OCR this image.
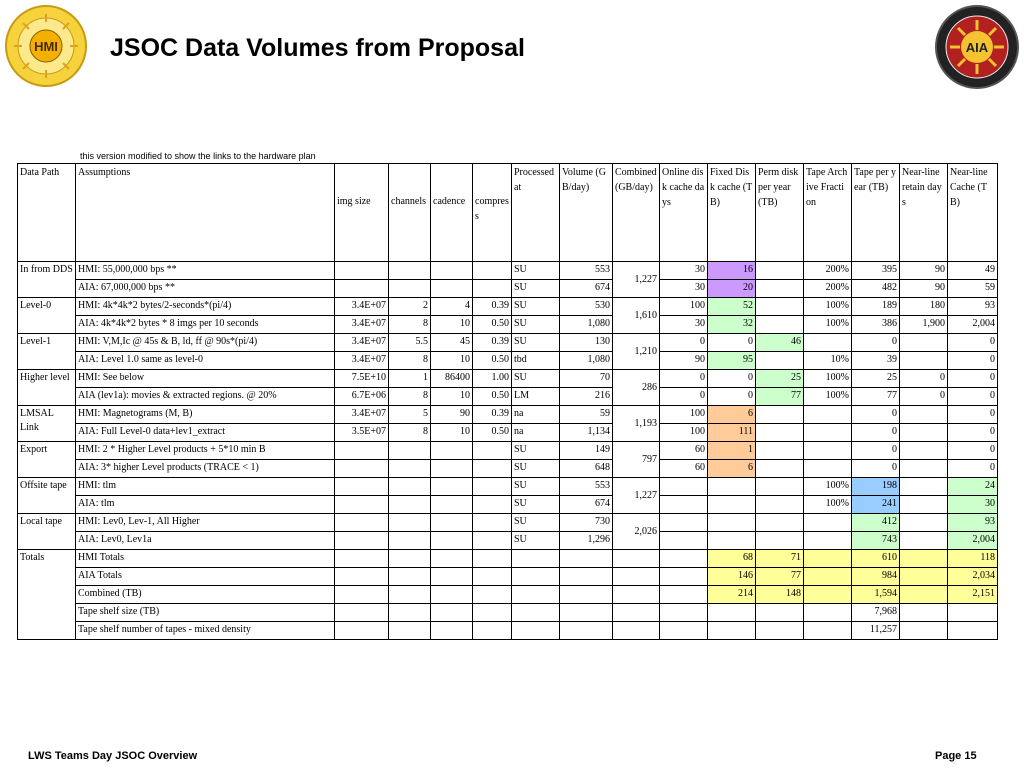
HMI	AIA
JSOC Data Volumes from Proposal
this version modified to show the links to the hardware plan
Data Path	Assumptions	img size	channels	cadence	compress	Processed at	Volume (GB/day)	Combined (GB/day)	Online disk cache days	Fixed Disk cache (TB)	Perm disk per year (TB)	Tape Archive Fraction	Tape per year (TB)	Near-line retain days	Near-line Cache (TB)
In from DDS	HMI: 55,000,000 bps **					SU	553	1,227	30	16		200%	395	90	49
	AIA: 67,000,000 bps **					SU	674		30	20		200%	482	90	59
Level-0	HMI: 4k*4k*2 bytes/2-seconds*(pi/4)	3.4E+07	2	4	0.39	SU	530	1,610	100	52		100%	189	180	93
	AIA: 4k*4k*2 bytes * 8 imgs per 10 seconds	3.4E+07	8	10	0.50	SU	1,080		30	32		100%	386	1,900	2,004
Level-1	HMI: V,M,Ic @ 45s & B, ld, ff @ 90s*(pi/4)	3.4E+07	5.5	45	0.39	SU	130	1,210	0	0	46		0		0
	AIA: Level 1.0 same as level-0	3.4E+07	8	10	0.50	tbd	1,080		90	95		10%	39		0
Higher level	HMI: See below	7.5E+10	1	86400	1.00	SU	70	286	0	0	25	100%	25	0	0
	AIA (lev1a): movies & extracted regions. @ 20%	6.7E+06	8	10	0.50	LM	216		0	0	77	100%	77	0	0
LMSAL Link	HMI: Magnetograms (M, B)	3.4E+07	5	90	0.39	na	59	1,193	100	6			0		0
	AIA: Full Level-0 data+lev1_extract	3.5E+07	8	10	0.50	na	1,134		100	111			0		0
Export	HMI: 2 * Higher Level products + 5*10 min B					SU	149	797	60	1			0		0
	AIA: 3* higher Level products (TRACE < 1)					SU	648		60	6			0		0
Offsite tape	HMI: tlm					SU	553	1,227				100%	198		24
	AIA: tlm					SU	674					100%	241		30
Local tape	HMI: Lev0, Lev-1, All Higher					SU	730	2,026					412		93
	AIA: Lev0, Lev1a					SU	1,296						743		2,004
Totals	HMI Totals									68	71		610		118
	AIA Totals									146	77		984		2,034
	Combined (TB)									214	148		1,594		2,151
	Tape shelf size (TB)												7,968		
	Tape shelf number of tapes - mixed density												11,257		
LWS Teams Day JSOC Overview	Page 15
